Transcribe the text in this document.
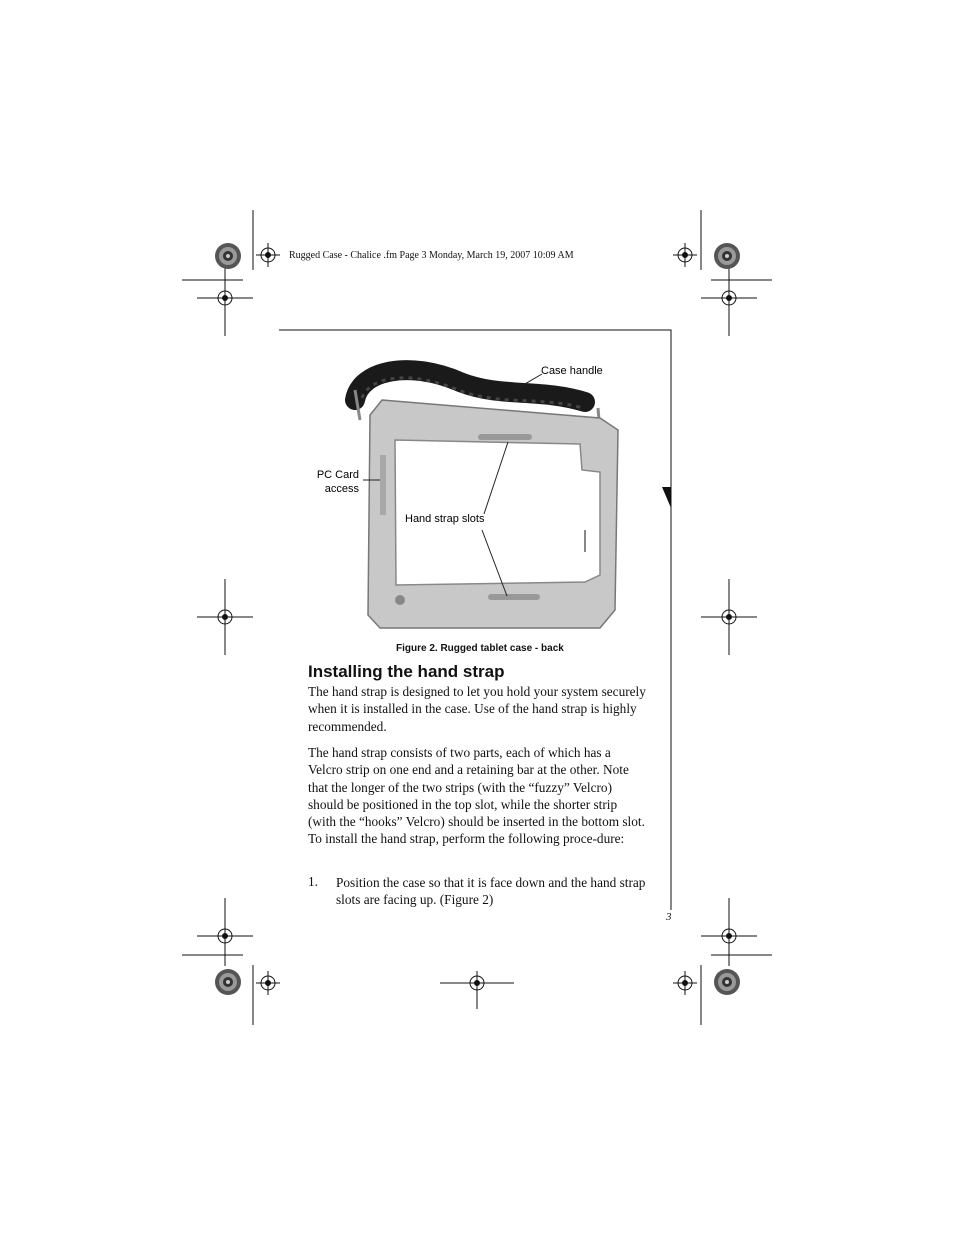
Rugged Case - Chalice .fm Page 3 Monday, March 19, 2007 10:09 AM
Case handle
PC Card
access
Hand strap slots
Figure 2. Rugged tablet case - back
Installing the hand strap
The hand strap is designed to let you hold your system securely when it is installed in the case. Use of the hand strap is highly recommended.
The hand strap consists of two parts, each of which has a Velcro strip on one end and a retaining bar at the other. Note that the longer of the two strips (with the “fuzzy” Velcro) should be positioned in the top slot, while the shorter strip (with the “hooks” Velcro) should be inserted in the bottom slot. To install the hand strap, perform the following proce-dure:
1. Position the case so that it is face down and the hand strap slots are facing up. (Figure 2)
3
